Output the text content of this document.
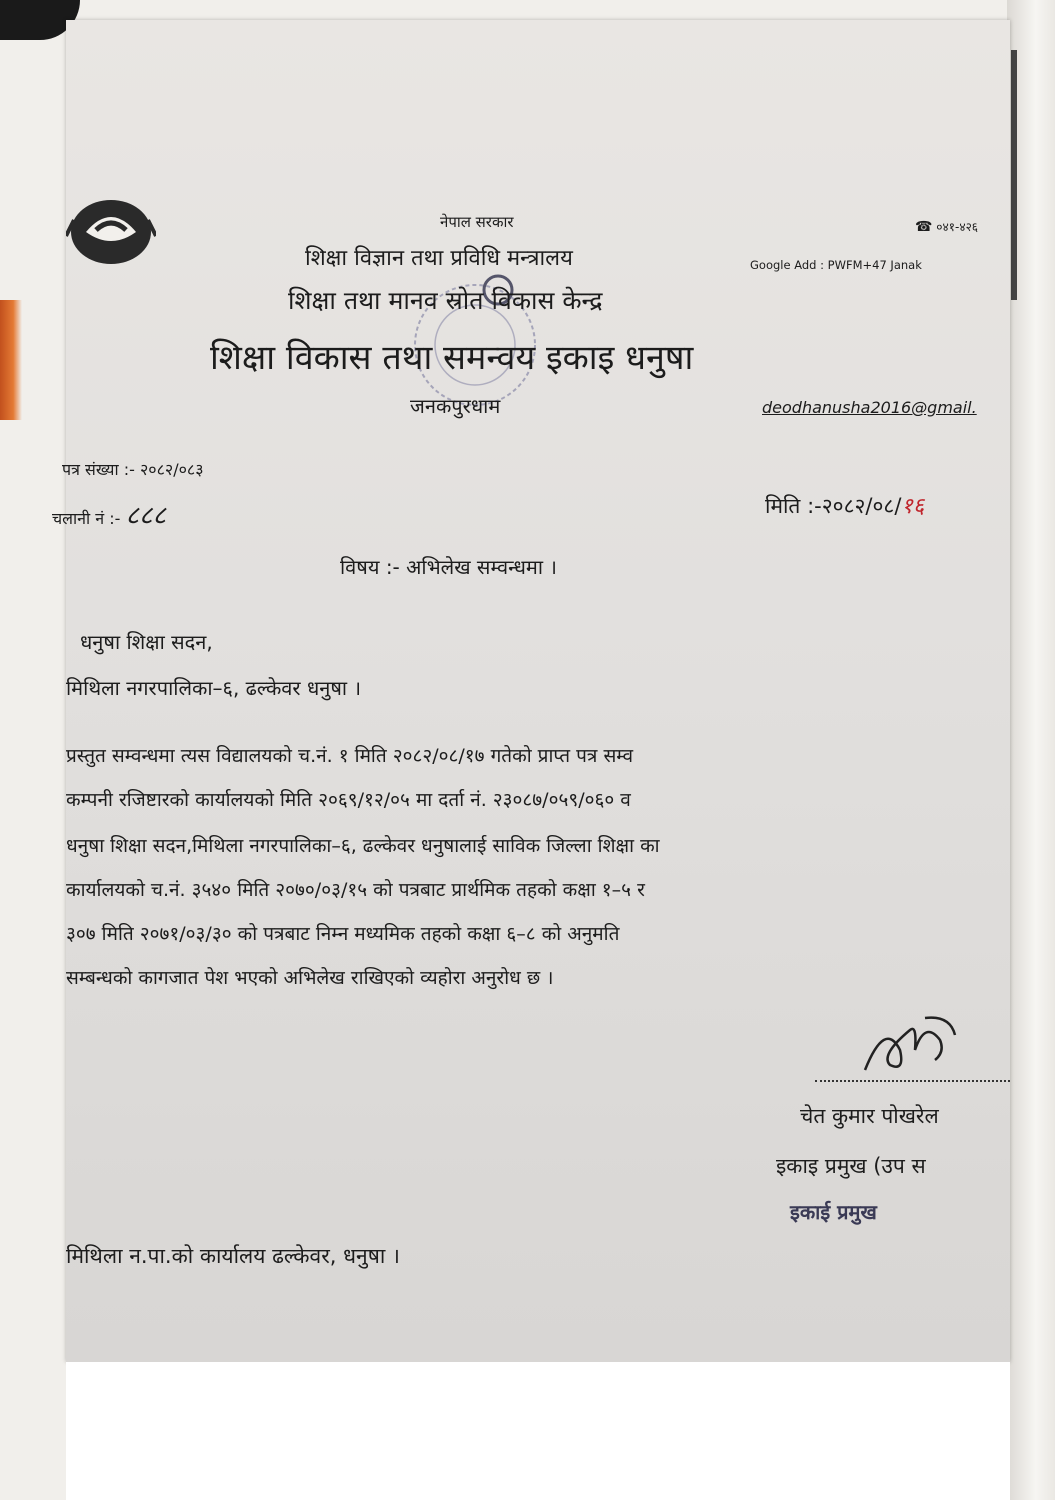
नेपाल सरकार
शिक्षा विज्ञान तथा प्रविधि मन्त्रालय
शिक्षा तथा मानव स्रोत विकास केन्द्र
शिक्षा विकास तथा समन्वय इकाइ धनुषा
जनकपुरधाम
☎ ०४१-४२६
Google Add : PWFM+47 Janak
deodhanusha2016@gmail.
पत्र संख्या :- २०८२/०८३
चलानी नं :- ८८८	मिति :-२०८२/०८/१६
विषय :- अभिलेख सम्वन्धमा ।
धनुषा शिक्षा सदन,
मिथिला नगरपालिका–६, ढल्केवर धनुषा ।
प्रस्तुत सम्वन्धमा त्यस विद्यालयको च.नं. १ मिति २०८२/०८/१७ गतेको प्राप्त पत्र सम्व
कम्पनी रजिष्टारको कार्यालयको मिति २०६९/१२/०५ मा दर्ता नं. २३०८७/०५९/०६० व
धनुषा शिक्षा सदन,मिथिला नगरपालिका–६, ढल्केवर धनुषालाई साविक जिल्ला शिक्षा का
कार्यालयको च.नं. ३५४० मिति २०७०/०३/१५ को पत्रबाट प्रार्थमिक तहको कक्षा १–५ र
३०७ मिति २०७१/०३/३० को पत्रबाट निम्न मध्यमिक तहको कक्षा ६–८ को अनुमति
सम्बन्धको कागजात पेश भएको अभिलेख राखिएको व्यहोरा अनुरोध छ ।
चेत कुमार पोखरेल
इकाइ प्रमुख (उप स
इकाई प्रमुख
मिथिला न.पा.को कार्यालय ढल्केवर, धनुषा ।
